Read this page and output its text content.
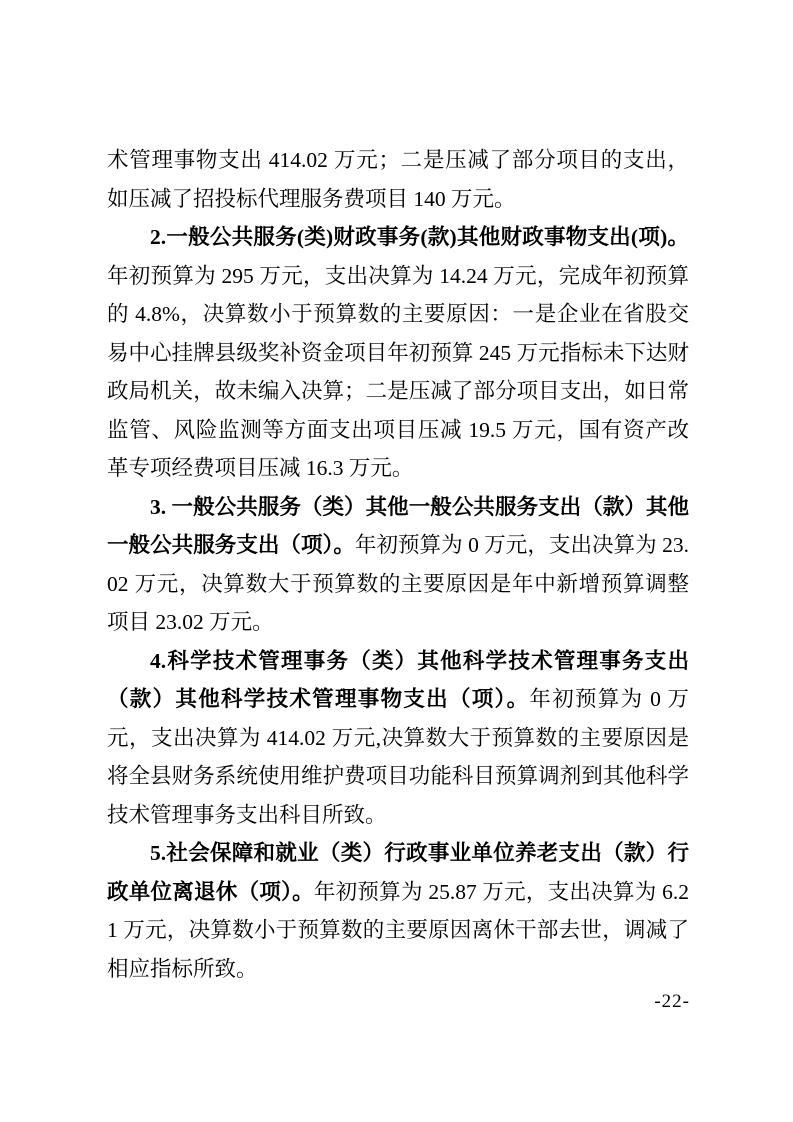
术管理事物支出 414.02 万元；二是压减了部分项目的支出，如压减了招投标代理服务费项目 140 万元。

2.一般公共服务(类)财政事务(款)其他财政事物支出(项)。年初预算为 295 万元，支出决算为 14.24 万元，完成年初预算的 4.8%，决算数小于预算数的主要原因：一是企业在省股交易中心挂牌县级奖补资金项目年初预算 245 万元指标未下达财政局机关，故未编入决算；二是压减了部分项目支出，如日常监管、风险监测等方面支出项目压减 19.5 万元，国有资产改革专项经费项目压减 16.3 万元。

3. 一般公共服务（类）其他一般公共服务支出（款）其他一般公共服务支出（项）。年初预算为 0 万元，支出决算为 23.02 万元，决算数大于预算数的主要原因是年中新增预算调整项目 23.02 万元。

4.科学技术管理事务（类）其他科学技术管理事务支出（款）其他科学技术管理事物支出（项）。年初预算为 0 万元，支出决算为 414.02 万元,决算数大于预算数的主要原因是将全县财务系统使用维护费项目功能科目预算调剂到其他科学技术管理事务支出科目所致。

5.社会保障和就业（类）行政事业单位养老支出（款）行政单位离退休（项）。年初预算为 25.87 万元，支出决算为 6.21 万元，决算数小于预算数的主要原因离休干部去世，调减了相应指标所致。

-22-
